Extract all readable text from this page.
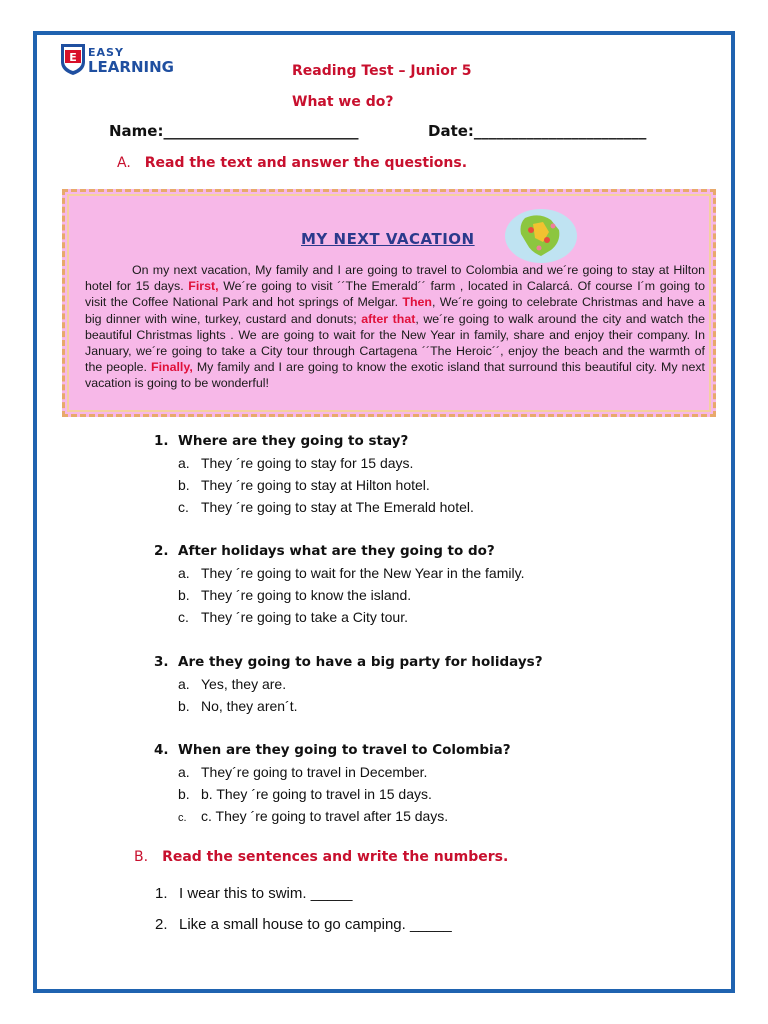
E EASY
LEARNING	Reading Test – Junior 5
What we do?
Name:__________________________	Date:_______________________
A. Read the text and answer the questions.
MY NEXT VACATION
On my next vacation, My family and I are going to travel to Colombia and we´re going to stay at Hilton hotel for 15 days. First, We´re going to visit ´´The Emerald´´ farm , located in Calarcá. Of course I´m going to visit the Coffee National Park and hot springs of Melgar. Then, We´re going to celebrate Christmas and have a big dinner with wine, turkey, custard and donuts; after that, we´re going to walk around the city and watch the beautiful Christmas lights . We are going to wait for the New Year in family, share and enjoy their company. In January, we´re going to take a City tour through Cartagena ´´The Heroic´´, enjoy the beach and the warmth of the people. Finally, My family and I are going to know the exotic island that surround this beautiful city. My next vacation is going to be wonderful!
1. Where are they going to stay?
a. They ´re going to stay for 15 days.
b. They ´re going to stay at Hilton hotel.
c. They ´re going to stay at The Emerald hotel.
2. After holidays what are they going to do?
a. They ´re going to wait for the New Year in the family.
b. They ´re going to know the island.
c. They ´re going to take a City tour.
3. Are they going to have a big party for holidays?
a. Yes, they are.
b. No, they aren´t.
4. When are they going to travel to Colombia?
a. They´re going to travel in December.
b. b. They ´re going to travel in 15 days.
c. c. They ´re going to travel after 15 days.
B. Read the sentences and write the numbers.
1. I wear this to swim. _____
2. Like a small house to go camping. _____
